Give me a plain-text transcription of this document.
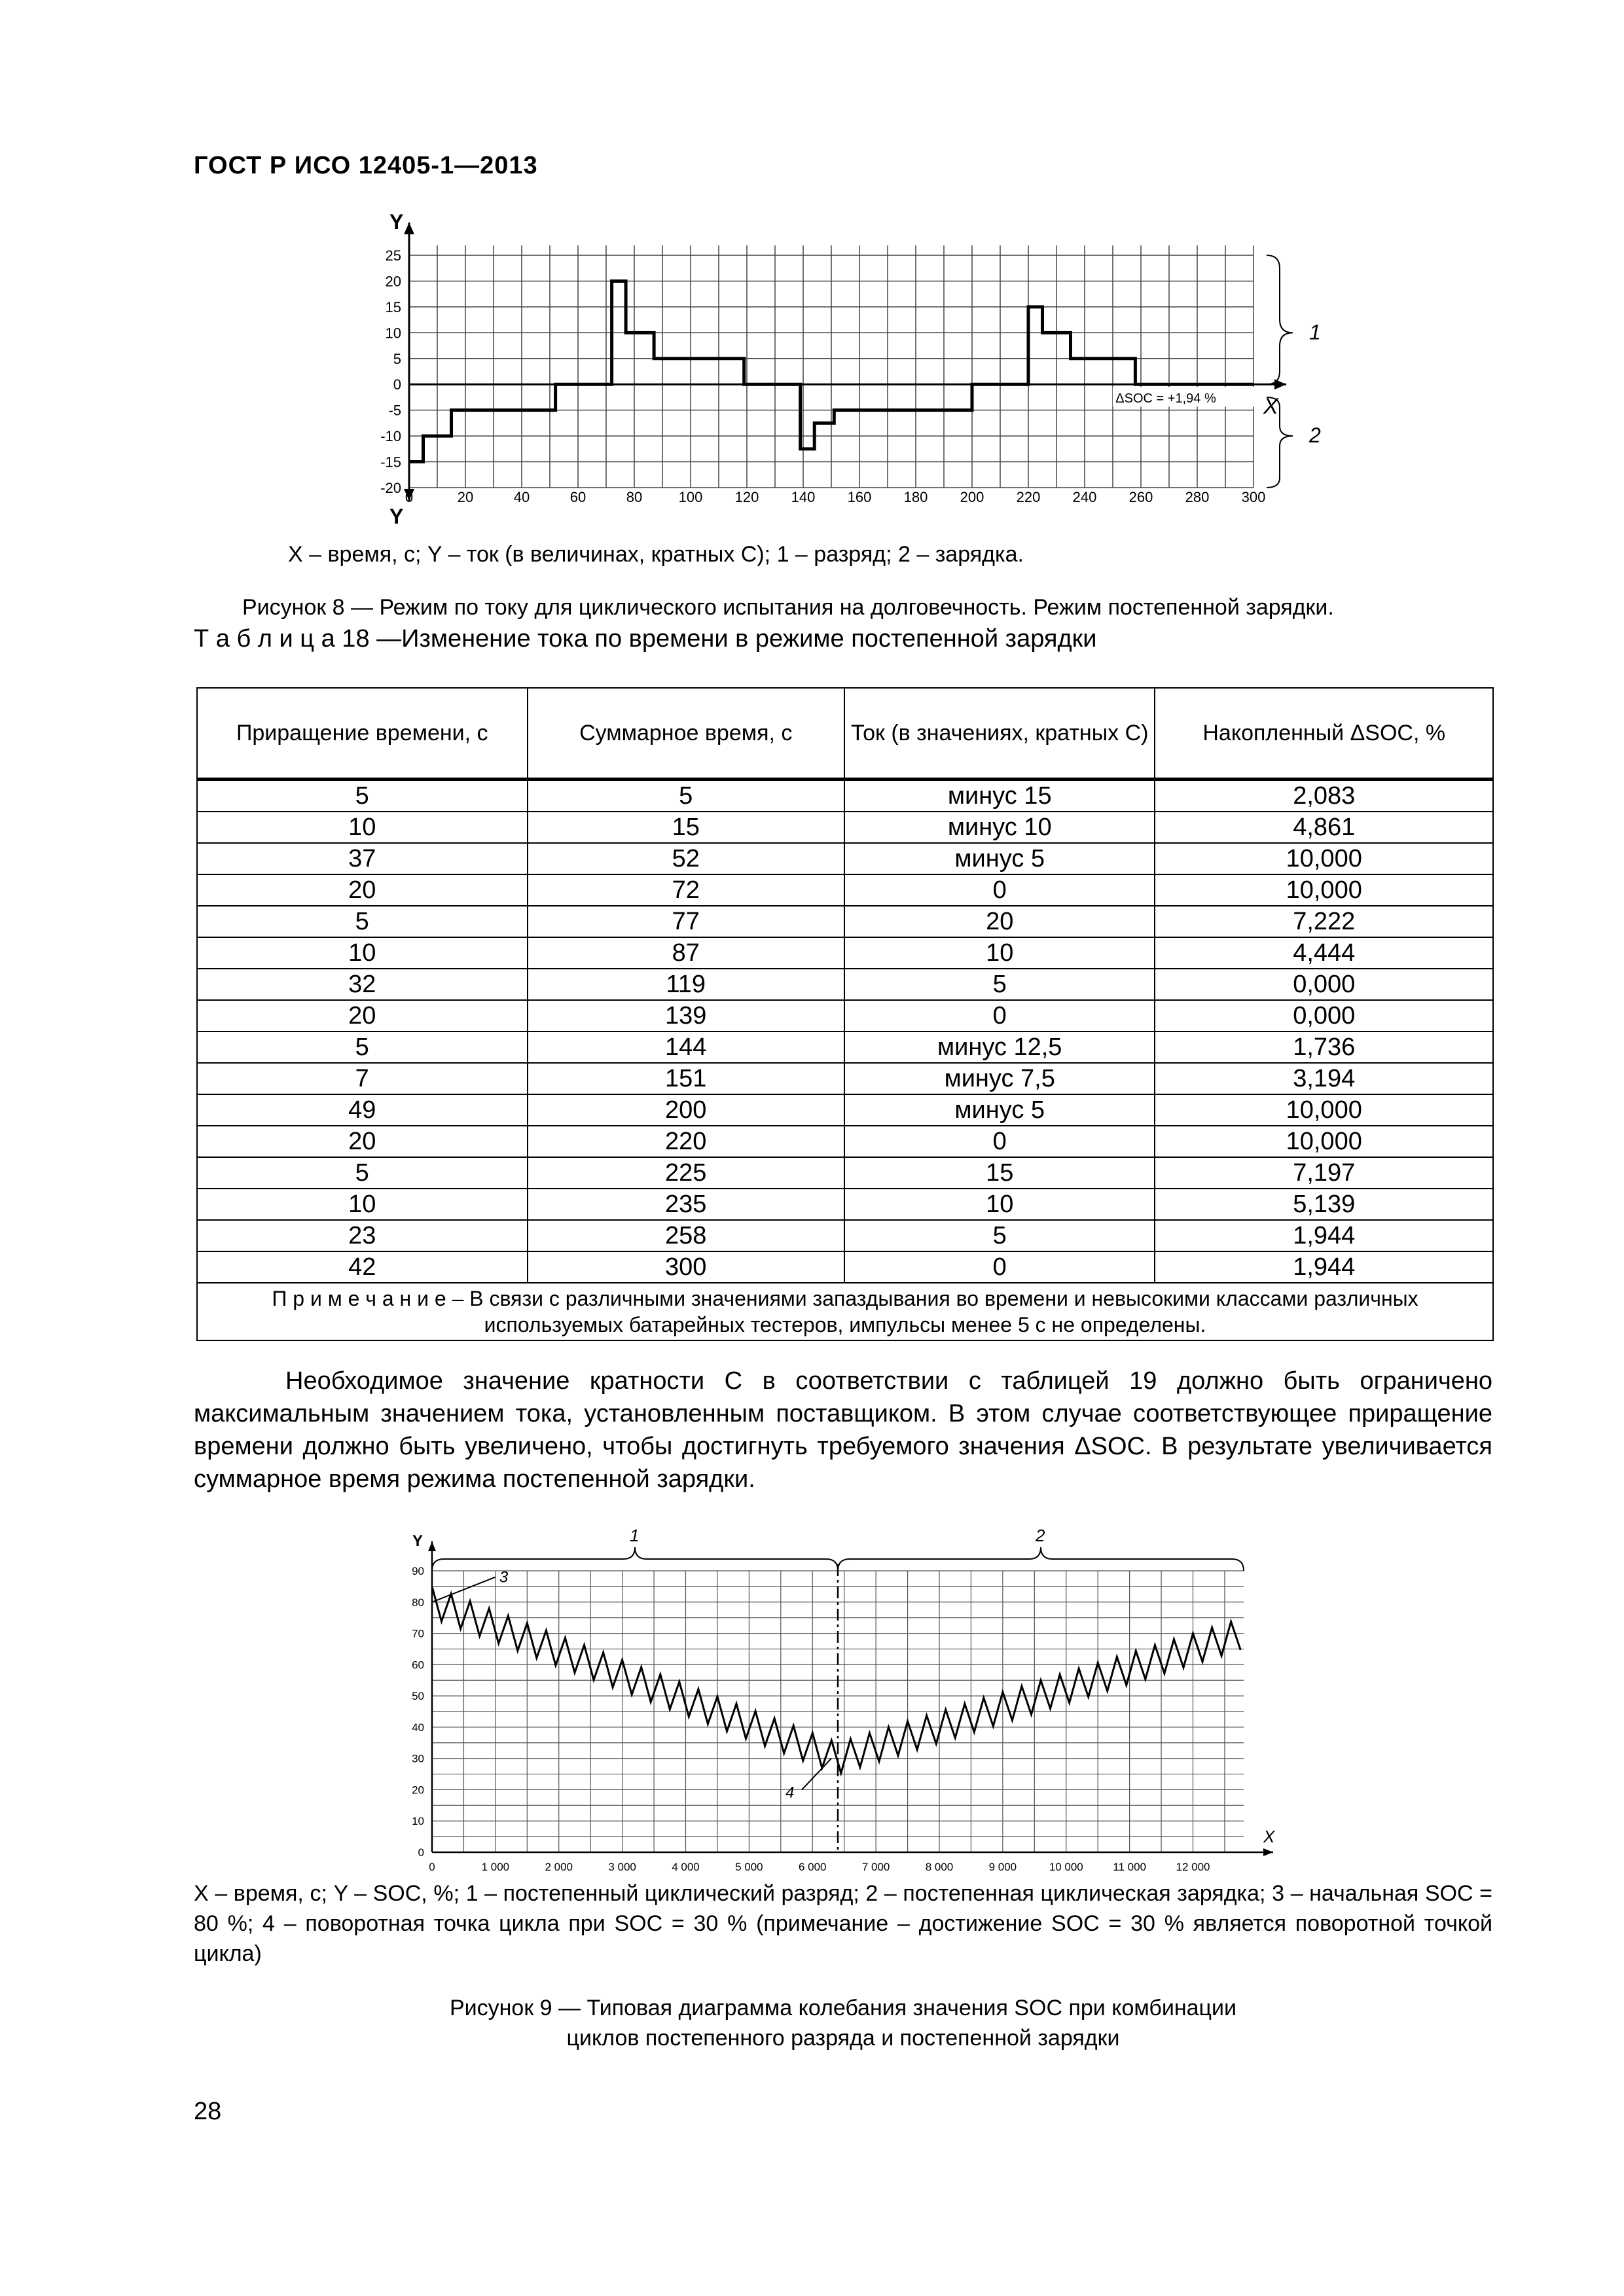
ГОСТ Р ИСО 12405-1—2013
0	20	40	60	80	100 120 140 160 180 200 220 240 260 280 300
25
20
15
10
5
0
-5
-10
-15
-20
Y
Y
X
ΔSOC = +1,94 %
1
2
X – время, с; Y – ток (в величинах, кратных C); 1 – разряд; 2 – зарядка.
Рисунок 8 — Режим по току для циклического испытания на долговечность. Режим постепенной зарядки.
Т а б л и ц а 18 —Изменение тока по времени в режиме постепенной зарядки
Приращение времени, с	Суммарное время, с	Ток (в значениях, кратных C)	Накопленный ΔSOC, %
5	5	минус 15	2,083
10	15	минус 10	4,861
37	52	минус 5	10,000
20	72	0	10,000
5	77	20	7,222
10	87	10	4,444
32	119	5	0,000
20	139	0	0,000
5	144	минус 12,5	1,736
7	151	минус 7,5	3,194
49	200	минус 5	10,000
20	220	0	10,000
5	225	15	7,197
10	235	10	5,139
23	258	5	1,944
42	300	0	1,944
П р и м е ч а н и е – В связи с различными значениями запаздывания во времени и невысокими классами различных используемых батарейных тестеров, импульсы менее 5 с не определены.			
Необходимое значение кратности C в соответствии с таблицей 19 должно быть ограничено максимальным значением тока, установленным поставщиком. В этом случае соответствующее приращение времени должно быть увеличено, чтобы достигнуть требуемого значения ΔSOC. В результате увеличивается суммарное время режима постепенной зарядки.
0	1 000	2 000	3 000	4 000	5 000	6 000	7 000	8 000	9 000	10 000	11 000	12 000
90
80
70
60
50
40
30
20
10
0
Y
X
1	2
3
4
X – время, с; Y – SOC, %; 1 – постепенный циклический разряд; 2 – постепенная циклическая зарядка; 3 – начальная SOC = 80 %; 4 – поворотная точка цикла при SOC = 30 % (примечание – достижение SOC = 30 % является поворотной точкой цикла)
Рисунок 9 — Типовая диаграмма колебания значения SOC при комбинации
циклов постепенного разряда и постепенной зарядки
28
